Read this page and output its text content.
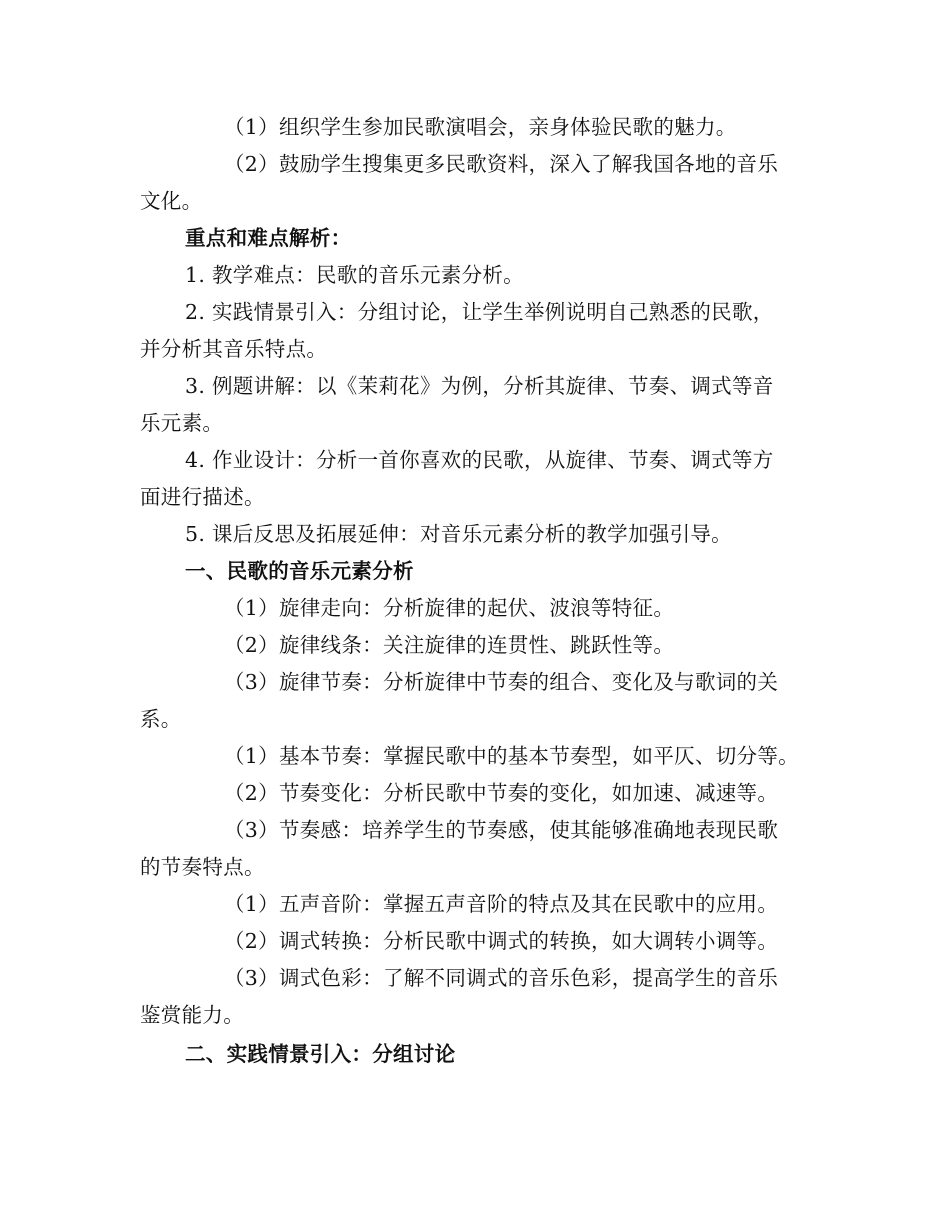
（1）组织学生参加民歌演唱会，亲身体验民歌的魅力。
（2）鼓励学生搜集更多民歌资料，深入了解我国各地的音乐
文化。
重点和难点解析：
1. 教学难点：民歌的音乐元素分析。
2. 实践情景引入：分组讨论，让学生举例说明自己熟悉的民歌，
并分析其音乐特点。
3. 例题讲解：以《茉莉花》为例，分析其旋律、节奏、调式等音
乐元素。
4. 作业设计：分析一首你喜欢的民歌，从旋律、节奏、调式等方
面进行描述。
5. 课后反思及拓展延伸：对音乐元素分析的教学加强引导。
一、民歌的音乐元素分析
（1）旋律走向：分析旋律的起伏、波浪等特征。
（2）旋律线条：关注旋律的连贯性、跳跃性等。
（3）旋律节奏：分析旋律中节奏的组合、变化及与歌词的关
系。
（1）基本节奏：掌握民歌中的基本节奏型，如平仄、切分等。
（2）节奏变化：分析民歌中节奏的变化，如加速、减速等。
（3）节奏感：培养学生的节奏感，使其能够准确地表现民歌
的节奏特点。
（1）五声音阶：掌握五声音阶的特点及其在民歌中的应用。
（2）调式转换：分析民歌中调式的转换，如大调转小调等。
（3）调式色彩：了解不同调式的音乐色彩，提高学生的音乐
鉴赏能力。
二、实践情景引入：分组讨论
